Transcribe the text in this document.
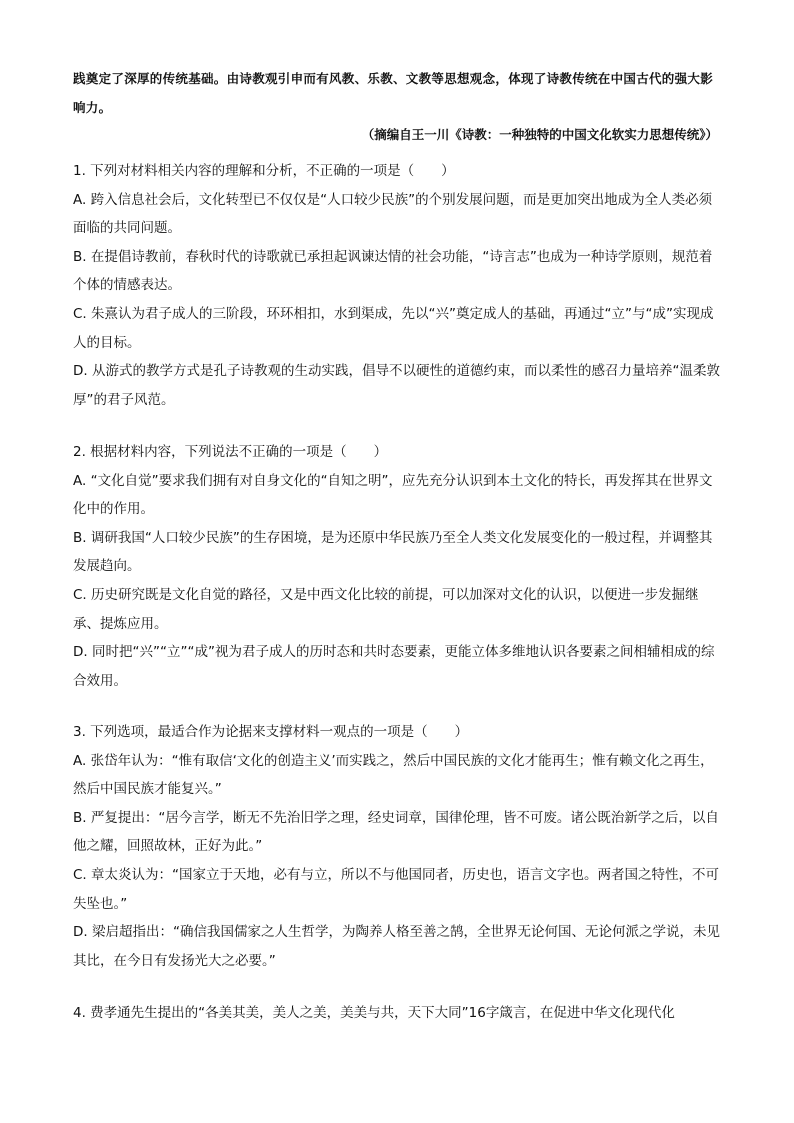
践奠定了深厚的传统基础。由诗教观引申而有风教、乐教、文教等思想观念，体现了诗教传统在中国古代的强大影响力。
（摘编自王一川《诗教：一种独特的中国文化软实力思想传统》）
1. 下列对材料相关内容的理解和分析，不正确的一项是（　　）
A. 跨入信息社会后，文化转型已不仅仅是“人口较少民族”的个别发展问题，而是更加突出地成为全人类必须面临的共同问题。
B. 在提倡诗教前，春秋时代的诗歌就已承担起讽谏达情的社会功能，“诗言志”也成为一种诗学原则，规范着个体的情感表达。
C. 朱熹认为君子成人的三阶段，环环相扣，水到渠成，先以“兴”奠定成人的基础，再通过“立”与“成”实现成人的目标。
D. 从游式的教学方式是孔子诗教观的生动实践，倡导不以硬性的道德约束，而以柔性的感召力量培养“温柔敦厚”的君子风范。
2. 根据材料内容，下列说法不正确的一项是（　　）
A. “文化自觉”要求我们拥有对自身文化的“自知之明”，应先充分认识到本土文化的特长，再发挥其在世界文化中的作用。
B. 调研我国“人口较少民族”的生存困境，是为还原中华民族乃至全人类文化发展变化的一般过程，并调整其发展趋向。
C. 历史研究既是文化自觉的路径，又是中西文化比较的前提，可以加深对文化的认识，以便进一步发掘继承、提炼应用。
D. 同时把“兴”“立”“成”视为君子成人的历时态和共时态要素，更能立体多维地认识各要素之间相辅相成的综合效用。
3. 下列选项，最适合作为论据来支撑材料一观点的一项是（　　）
A. 张岱年认为：“惟有取信‘文化的创造主义’而实践之，然后中国民族的文化才能再生；惟有赖文化之再生，然后中国民族才能复兴。”
B. 严复提出：“居今言学，断无不先治旧学之理，经史词章，国律伦理，皆不可废。诸公既治新学之后，以自他之耀，回照故林，正好为此。”
C. 章太炎认为：“国家立于天地，必有与立，所以不与他国同者，历史也，语言文字也。两者国之特性，不可失坠也。”
D. 梁启超指出：“确信我国儒家之人生哲学，为陶养人格至善之鹄，全世界无论何国、无论何派之学说，未见其比，在今日有发扬光大之必要。”
4. 费孝通先生提出的“各美其美，美人之美，美美与共，天下大同”16字箴言，在促进中华文化现代化
